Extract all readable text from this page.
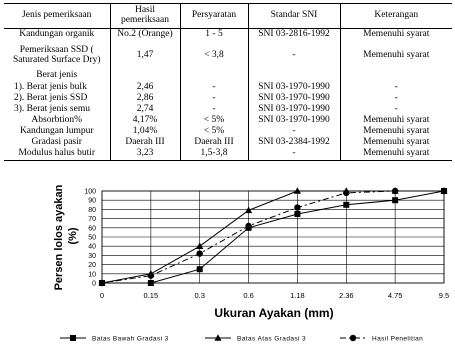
Jenis pemeriksaan	Hasil pemeriksaan	Persyaratan	Standar SNI	Keterangan
Kandungan organik	No.2 (Orange)	1 - 5	SNI 03-2816-1992	Memenuhi syarat
Pemeriksaan SSD ( Saturated Surface Dry)	1,47	< 3,8	-	Memenuhi syarat
Berat jenis				
1). Berat jenis bulk	2,46	-	SNI 03-1970-1990	-
2). Berat jenis SSD	2,86	-	SNI 03-1970-1990	-
3). Berat jenis semu	2,74	-	SNI 03-1970-1990	-
Absorbtion%	4,17%	< 5%	SNI 03-1970-1990	Memenuhi syarat
Kandungan lumpur	1,04%	< 5%	-	Memenuhi syarat
Gradasi pasir	Daerah III	Daerah III	SNI 03-2384-1992	Memenuhi syarat
Modulus halus butir	3,23	1,5-3,8	-	Memenuhi syarat
0
10
20
30
40
50
60
70
80
90
100
0	0.15	0.3	0.6	1.18	2.36	4.75	9.5
Persen lolos ayakan (%)
Ukuran Ayakan (mm)
Batas Bawah Gradasi 3	Batas Atas Gradasi 3	Hasil Penelitian
